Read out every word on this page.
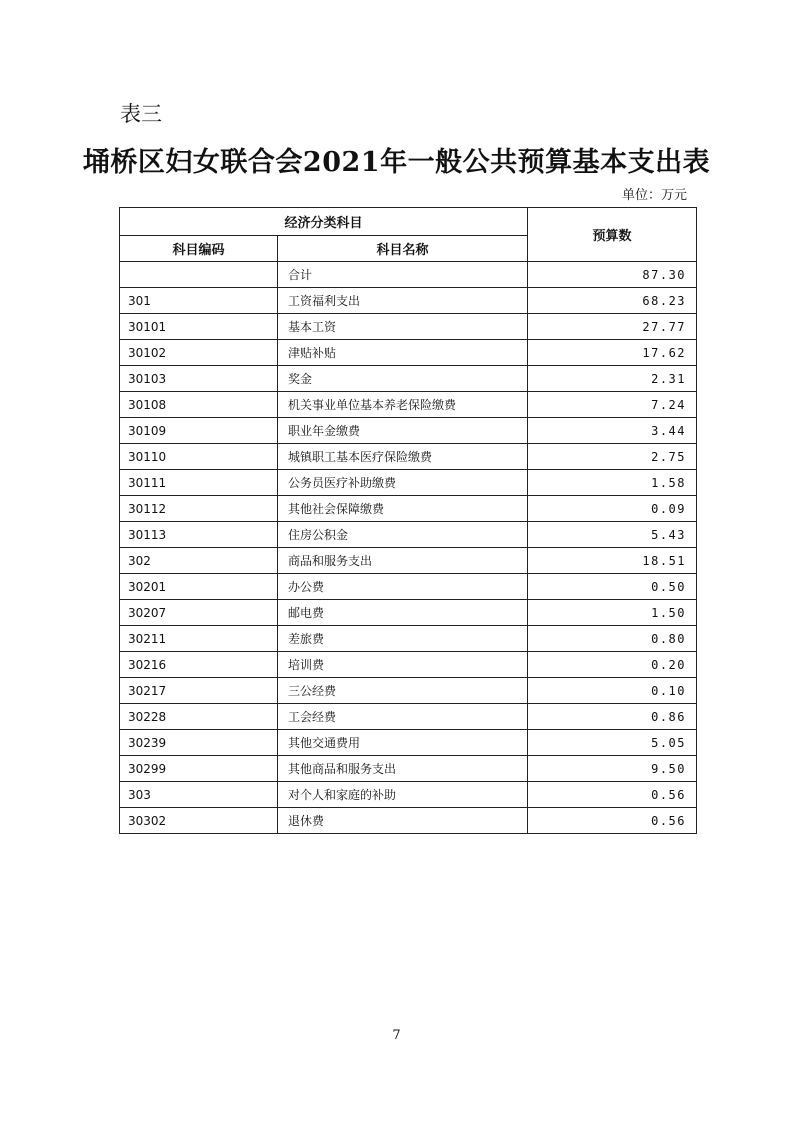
表三
埇桥区妇女联合会2021年一般公共预算基本支出表
单位：万元
经济分类科目		预算数
科目编码	科目名称	
	合计	87.30
301	工资福利支出	68.23
30101	基本工资	27.77
30102	津贴补贴	17.62
30103	奖金	2.31
30108	机关事业单位基本养老保险缴费	7.24
30109	职业年金缴费	3.44
30110	城镇职工基本医疗保险缴费	2.75
30111	公务员医疗补助缴费	1.58
30112	其他社会保障缴费	0.09
30113	住房公积金	5.43
302	商品和服务支出	18.51
30201	办公费	0.50
30207	邮电费	1.50
30211	差旅费	0.80
30216	培训费	0.20
30217	三公经费	0.10
30228	工会经费	0.86
30239	其他交通费用	5.05
30299	其他商品和服务支出	9.50
303	对个人和家庭的补助	0.56
30302	退休费	0.56
7
